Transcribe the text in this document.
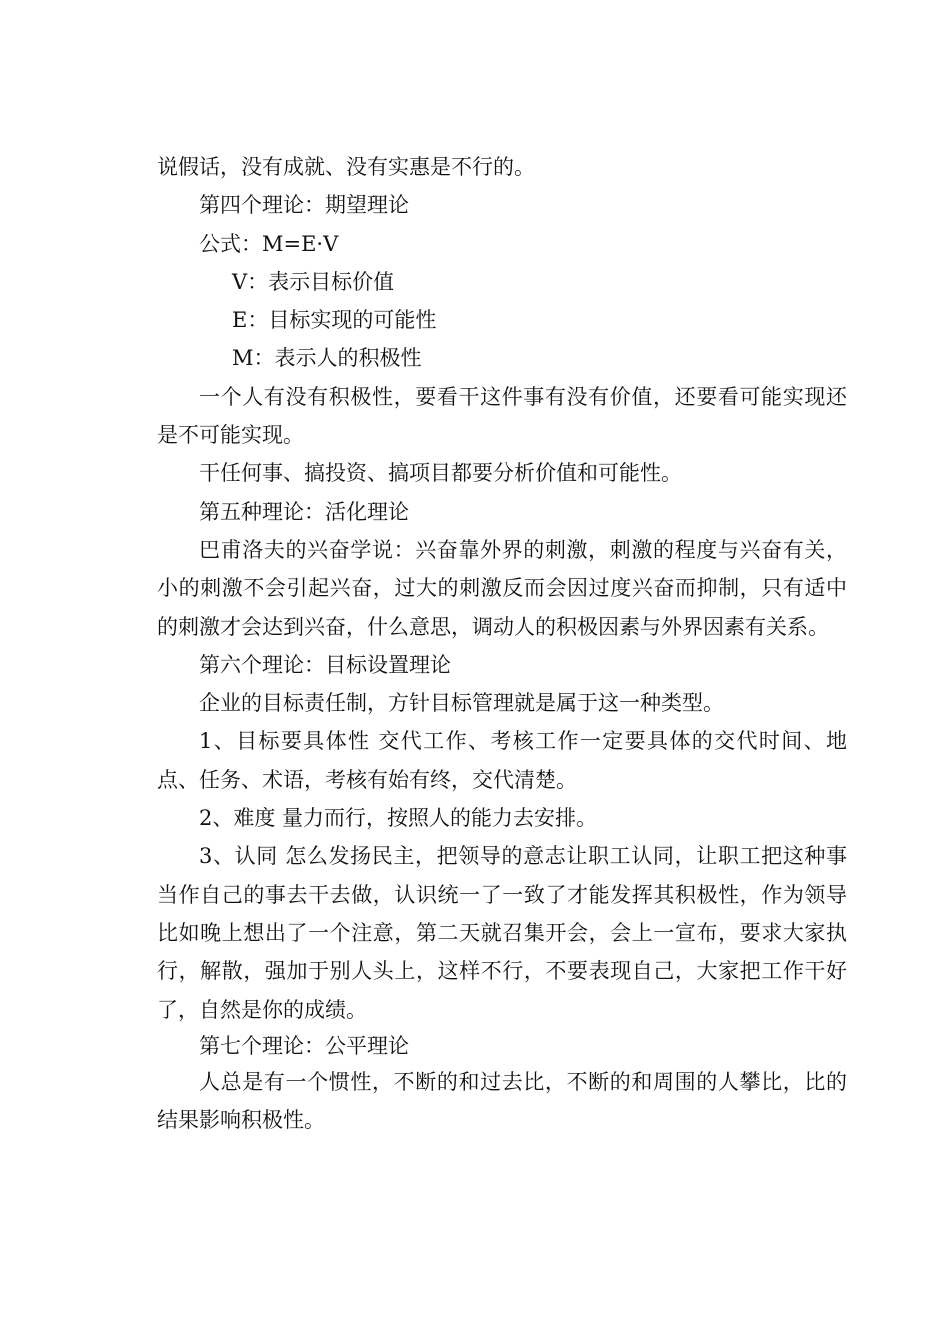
说假话，没有成就、没有实惠是不行的。

第四个理论：期望理论

公式：M=E·V

V：表示目标价值

E：目标实现的可能性

M：表示人的积极性

一个人有没有积极性，要看干这件事有没有价值，还要看可能实现还是不可能实现。

干任何事、搞投资、搞项目都要分析价值和可能性。

第五种理论：活化理论

巴甫洛夫的兴奋学说：兴奋靠外界的刺激，刺激的程度与兴奋有关，小的刺激不会引起兴奋，过大的刺激反而会因过度兴奋而抑制，只有适中的刺激才会达到兴奋，什么意思，调动人的积极因素与外界因素有关系。

第六个理论：目标设置理论

企业的目标责任制，方针目标管理就是属于这一种类型。

1、目标要具体性 交代工作、考核工作一定要具体的交代时间、地点、任务、术语，考核有始有终，交代清楚。

2、难度 量力而行，按照人的能力去安排。

3、认同 怎么发扬民主，把领导的意志让职工认同，让职工把这种事当作自己的事去干去做，认识统一了一致了才能发挥其积极性，作为领导比如晚上想出了一个注意，第二天就召集开会，会上一宣布，要求大家执行，解散，强加于别人头上，这样不行，不要表现自己，大家把工作干好了，自然是你的成绩。

第七个理论：公平理论

人总是有一个惯性，不断的和过去比，不断的和周围的人攀比，比的结果影响积极性。
